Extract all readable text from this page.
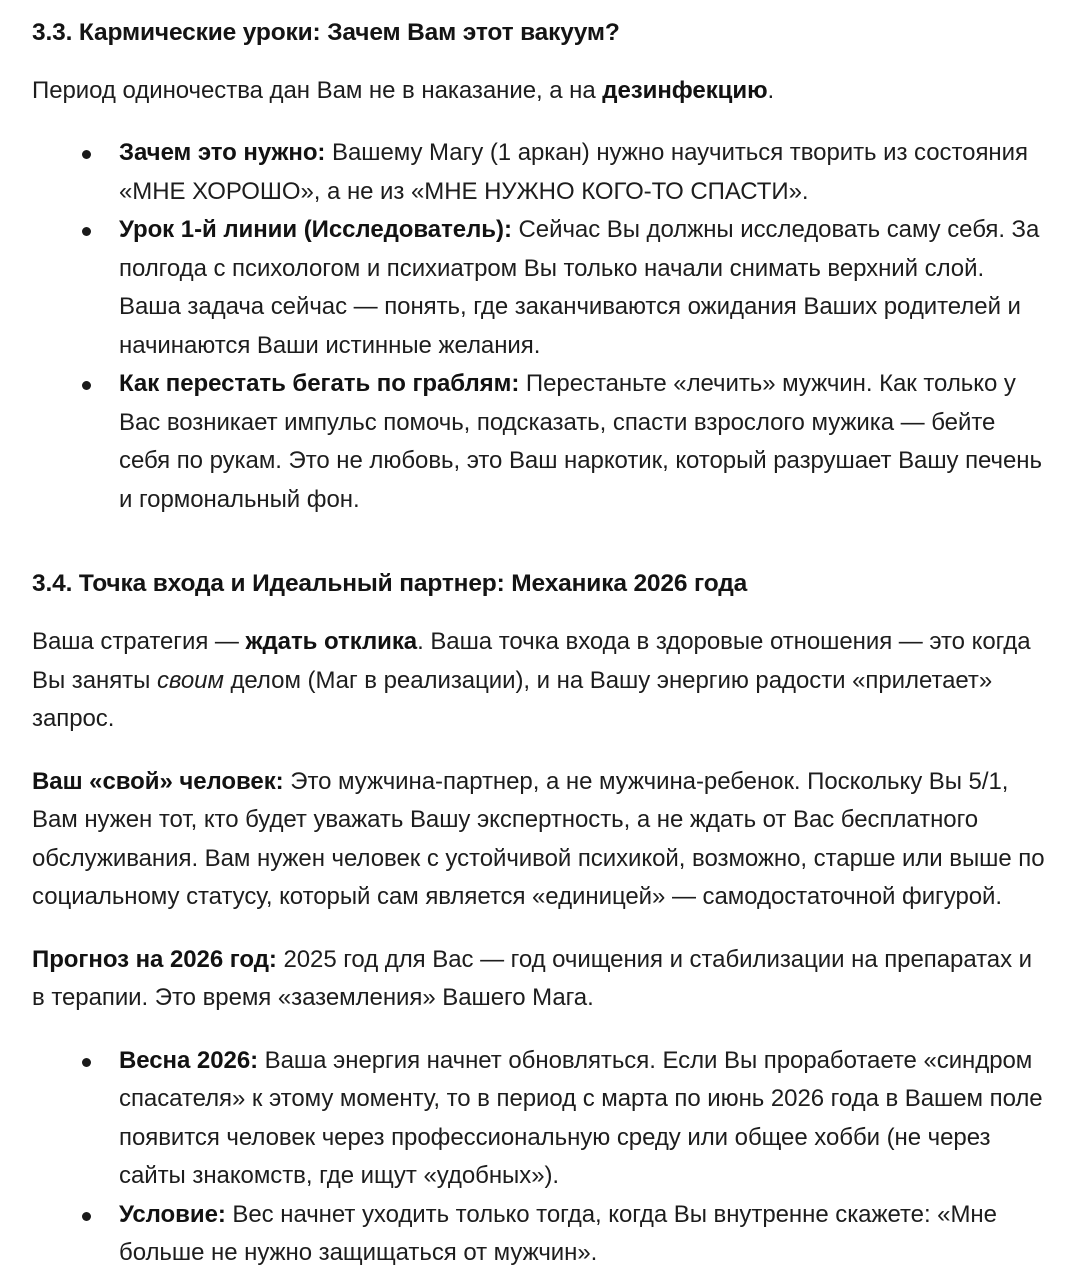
3.3. Кармические уроки: Зачем Вам этот вакуум?

Период одиночества дан Вам не в наказание, а на дезинфекцию.

Зачем это нужно: Вашему Магу (1 аркан) нужно научиться творить из состояния «МНЕ ХОРОШО», а не из «МНЕ НУЖНО КОГО-ТО СПАСТИ».
Урок 1-й линии (Исследователь): Сейчас Вы должны исследовать саму себя. За полгода с психологом и психиатром Вы только начали снимать верхний слой. Ваша задача сейчас — понять, где заканчиваются ожидания Ваших родителей и начинаются Ваши истинные желания.
Как перестать бегать по граблям: Перестаньте «лечить» мужчин. Как только у Вас возникает импульс помочь, подсказать, спасти взрослого мужика — бейте себя по рукам. Это не любовь, это Ваш наркотик, который разрушает Вашу печень и гормональный фон.
3.4. Точка входа и Идеальный партнер: Механика 2026 года

Ваша стратегия — ждать отклика. Ваша точка входа в здоровые отношения — это когда Вы заняты своим делом (Маг в реализации), и на Вашу энергию радости «прилетает» запрос.

Ваш «свой» человек: Это мужчина-партнер, а не мужчина-ребенок. Поскольку Вы 5/1, Вам нужен тот, кто будет уважать Вашу экспертность, а не ждать от Вас бесплатного обслуживания. Вам нужен человек с устойчивой психикой, возможно, старше или выше по социальному статусу, который сам является «единицей» — самодостаточной фигурой.

Прогноз на 2026 год: 2025 год для Вас — год очищения и стабилизации на препаратах и в терапии. Это время «заземления» Вашего Мага.

Весна 2026: Ваша энергия начнет обновляться. Если Вы проработаете «синдром спасателя» к этому моменту, то в период с марта по июнь 2026 года в Вашем поле появится человек через профессиональную среду или общее хобби (не через сайты знакомств, где ищут «удобных»).
Условие: Вес начнет уходить только тогда, когда Вы внутренне скажете: «Мне больше не нужно защищаться от мужчин».
